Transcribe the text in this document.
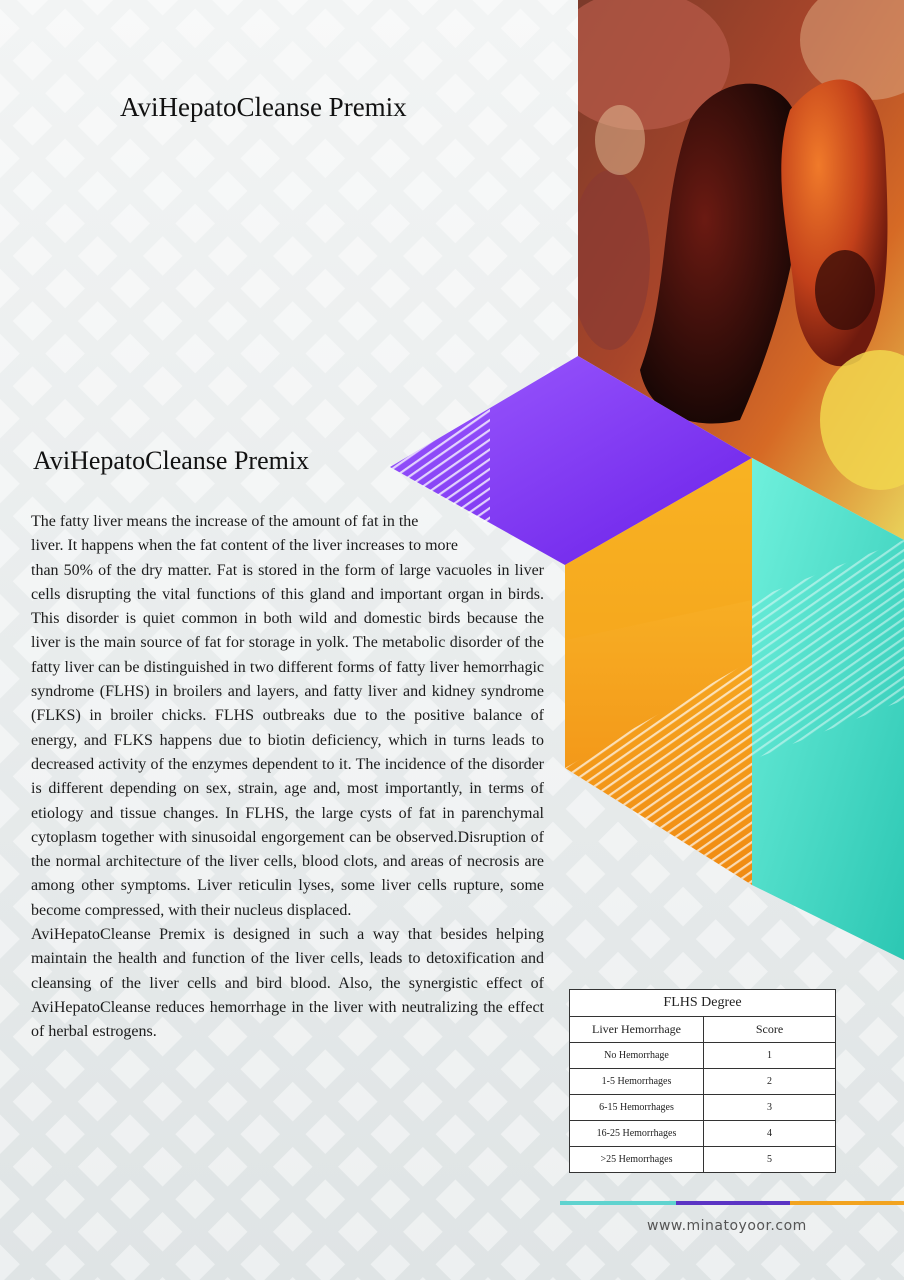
AviHepatoCleanse Premix
AviHepatoCleanse Premix

The fatty liver means the increase of the amount of fat in the

liver. It happens when the fat content of the liver increases to more

than 50% of the dry matter. Fat is stored in the form of large vacuoles in liver cells disrupting the vital functions of this gland and important organ in birds. This disorder is quiet common in both wild and domestic birds because the liver is the main source of fat for storage in yolk. The metabolic disorder of the fatty liver can be distinguished in two different forms of fatty liver hemorrhagic syndrome (FLHS) in broilers and layers, and fatty liver and kidney syndrome (FLKS) in broiler chicks. FLHS outbreaks due to the positive balance of energy, and FLKS happens due to biotin deficiency, which in turns leads to decreased activity of the enzymes dependent to it. The incidence of the disorder is different depending on sex, strain, age and, most importantly, in terms of etiology and tissue changes. In FLHS, the large cysts of fat in parenchymal cytoplasm together with sinusoidal engorgement can be observed.Disruption of the normal architecture of the liver cells, blood clots, and areas of necrosis are among other symptoms. Liver reticulin lyses, some liver cells rupture, some become compressed, with their nucleus displaced.

AviHepatoCleanse Premix is designed in such a way that besides helping maintain the health and function of the liver cells, leads to detoxification and cleansing of the liver cells and bird blood. Also, the synergistic effect of AviHepatoCleanse reduces hemorrhage in the liver with neutralizing the effect of herbal estrogens.

FLHS Degree	
Liver Hemorrhage	Score
No Hemorrhage	1
1-5 Hemorrhages	2
6-15 Hemorrhages	3
16-25 Hemorrhages	4
>25 Hemorrhages	5
www.minatoyoor.com
